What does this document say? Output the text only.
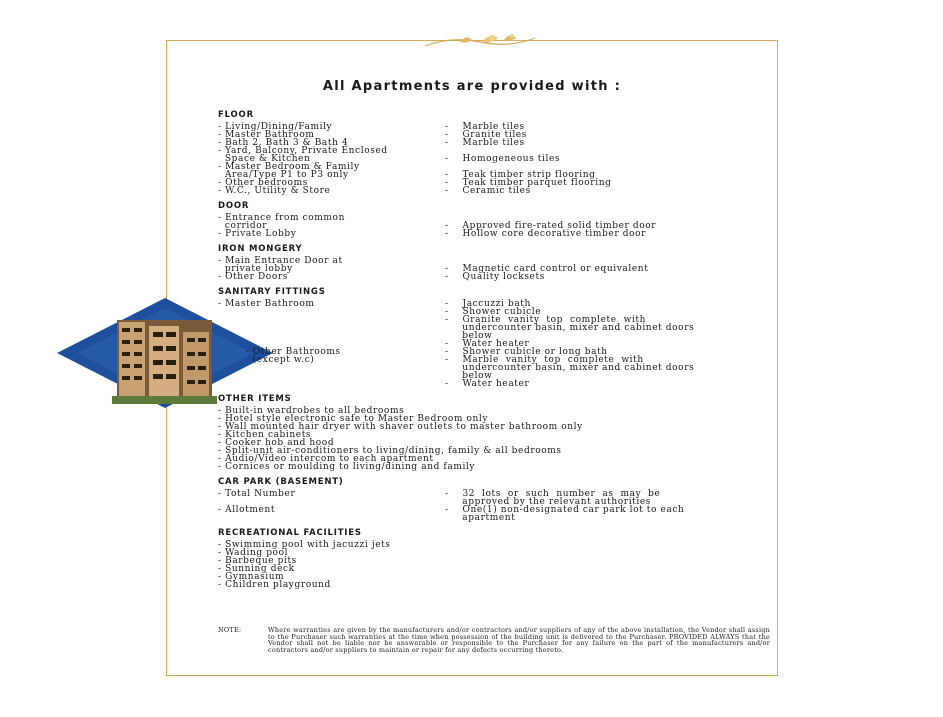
All Apartments are provided with :
FLOOR
- Living/Dining/Family	-    Marble tiles
- Master Bathroom	-    Granite tiles
- Bath 2, Bath 3 & Bath 4	-    Marble tiles
- Yard, Balcony, Private Enclosed
Space & Kitchen	-    Homogeneous tiles
- Master Bedroom & Family
Area/Type P1 to P3 only	-    Teak timber strip flooring
- Other bedrooms	-    Teak timber parquet flooring
- W.C., Utility & Store	-    Ceramic tiles
DOOR
- Entrance from common
corridor	-    Approved fire-rated solid timber door
- Private Lobby	-    Hollow core decorative timber door
IRON MONGERY
- Main Entrance Door at
private lobby	-    Magnetic card control or equivalent
- Other Doors	-    Quality locksets
SANITARY FITTINGS
- Master Bathroom	-    Jaccuzzi bath
-    Shower cubicle
-    Granite  vanity  top  complete  with
undercounter basin, mixer and cabinet doors
below
-    Water heater
- Other Bathrooms	-    Shower cubicle or long bath
(except w.c)	-    Marble  vanity  top  complete  with
undercounter basin, mixer and cabinet doors
below
-    Water heater
OTHER ITEMS
- Built-in wardrobes to all bedrooms
- Hotel style electronic safe to Master Bedroom only
- Wall mounted hair dryer with shaver outlets to master bathroom only
- Kitchen cabinets
- Cooker hob and hood
- Split-unit air-conditioners to living/dining, family & all bedrooms
- Audio/Video intercom to each apartment
- Cornices or moulding to living/dining and family
CAR PARK (BASEMENT)
- Total Number	-    32  lots  or  such  number  as  may  be
approved by the relevant authorities
- Allotment	-    One(1) non-designated car park lot to each
apartment
RECREATIONAL FACILITIES
- Swimming pool with jacuzzi jets
- Wading pool
- Barbeque pits
- Sunning deck
- Gymnasium
- Children playground
NOTE:	Where warranties are given by the manufacturers and/or contractors and/or suppliers of any of the above installation, the Vendor shall assign to the Purchaser such warranties at the time when possession of the building unit is delivered to the Purchaser. PROVIDED ALWAYS that the Vendor shall not be liable nor be answerable or responsible to the Purchaser for any failure on the part of the manufacturers and/or contractors and/or suppliers to maintain or repair for any defects occurring thereto.
